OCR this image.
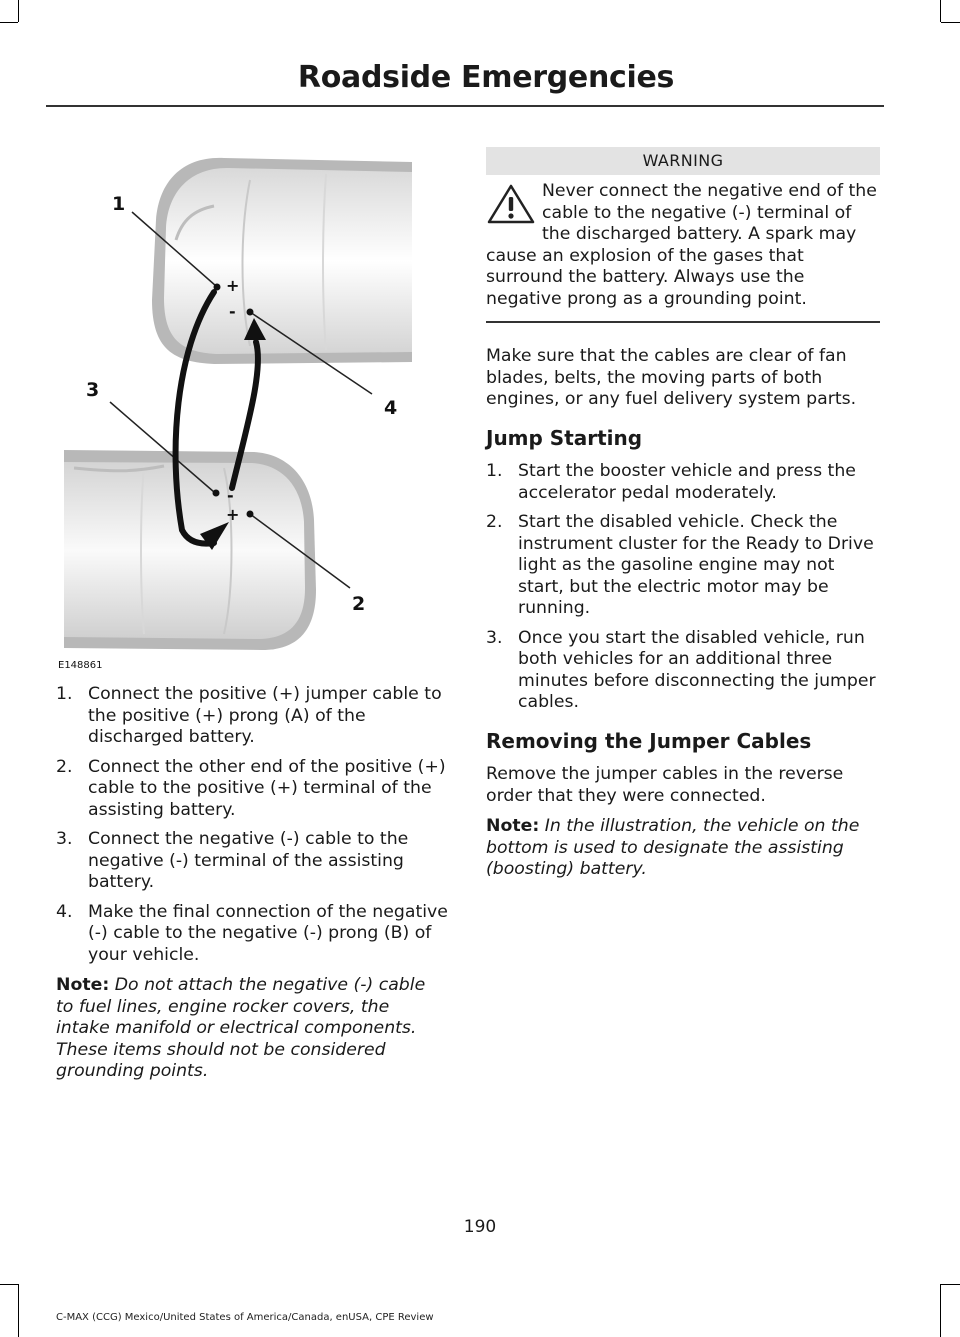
Roadside Emergencies
+
-
-
+
1
2
3
4
E148861
1. Connect the positive (+) jumper cable to the positive (+) prong (A) of the discharged battery.
2. Connect the other end of the positive (+) cable to the positive (+) terminal of the assisting battery.
3. Connect the negative (-) cable to the negative (-) terminal of the assisting battery.
4. Make the final connection of the negative (-) cable to the negative (-) prong (B) of your vehicle.
Note: Do not attach the negative (-) cable to fuel lines, engine rocker covers, the intake manifold or electrical components. These items should not be considered grounding points.
WARNING
Never connect the negative end of the cable to the negative (-) terminal of the discharged battery. A spark may cause an explosion of the gases that surround the battery. Always use the negative prong as a grounding point.

Make sure that the cables are clear of fan blades, belts, the moving parts of both engines, or any fuel delivery system parts.

Jump Starting
1. Start the booster vehicle and press the accelerator pedal moderately.
2. Start the disabled vehicle. Check the instrument cluster for the Ready to Drive light as the gasoline engine may not start, but the electric motor may be running.
3. Once you start the disabled vehicle, run both vehicles for an additional three minutes before disconnecting the jumper cables.
Removing the Jumper Cables

Remove the jumper cables in the reverse order that they were connected.

Note: In the illustration, the vehicle on the bottom is used to designate the assisting (boosting) battery.
190
C-MAX (CCG) Mexico/United States of America/Canada, enUSA, CPE Review
